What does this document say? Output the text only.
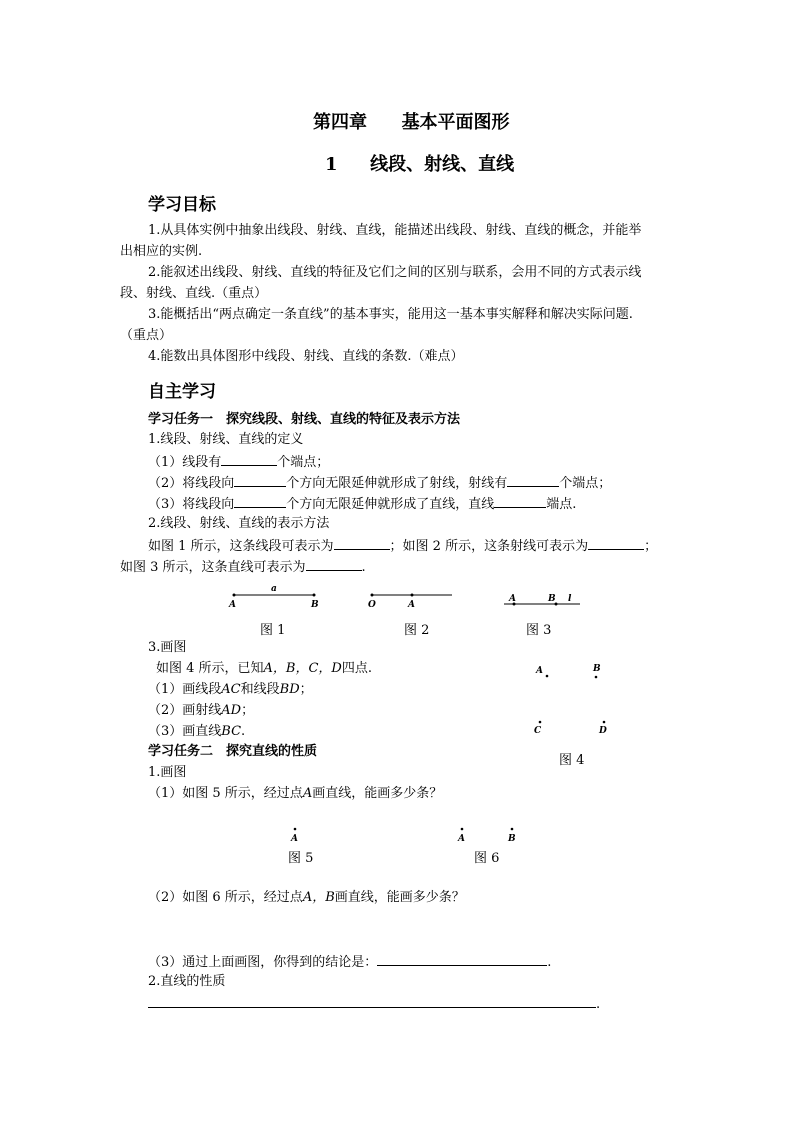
第四章 基本平面图形
1 线段、射线、直线
学习目标
1.从具体实例中抽象出线段、射线、直线，能描述出线段、射线、直线的概念，并能举
出相应的实例.
2.能叙述出线段、射线、直线的特征及它们之间的区别与联系，会用不同的方式表示线
段、射线、直线.（重点）
3.能概括出“两点确定一条直线”的基本事实，能用这一基本事实解释和解决实际问题.
（重点）
4.能数出具体图形中线段、射线、直线的条数.（难点）
自主学习
学习任务一　探究线段、射线、直线的特征及表示方法
1.线段、射线、直线的定义
（1）线段有	个端点；
（2）将线段向	个方向无限延伸就形成了射线，射线有	个端点；
（3）将线段向	个方向无限延伸就形成了直线，直线	端点.
2.线段、射线、直线的表示方法
如图 1 所示，这条线段可表示为	；如图 2 所示，这条射线可表示为	；
如图 3 所示，这条直线可表示为	.
A	B
a
图 1
O	A
图 2
A	B l
图 3
3.画图
如图 4 所示，已知A，B，C，D四点.
（1）画线段AC和线段BD；
（2）画射线AD；
（3）画直线BC.
A	B
C	D
图 4
学习任务二　探究直线的性质
1.画图
（1）如图 5 所示，经过点A画直线，能画多少条？
A
图 5
A	B
图 6
（2）如图 6 所示，经过点A，B画直线，能画多少条？
（3）通过上面画图，你得到的结论是：	.
2.直线的性质
.
